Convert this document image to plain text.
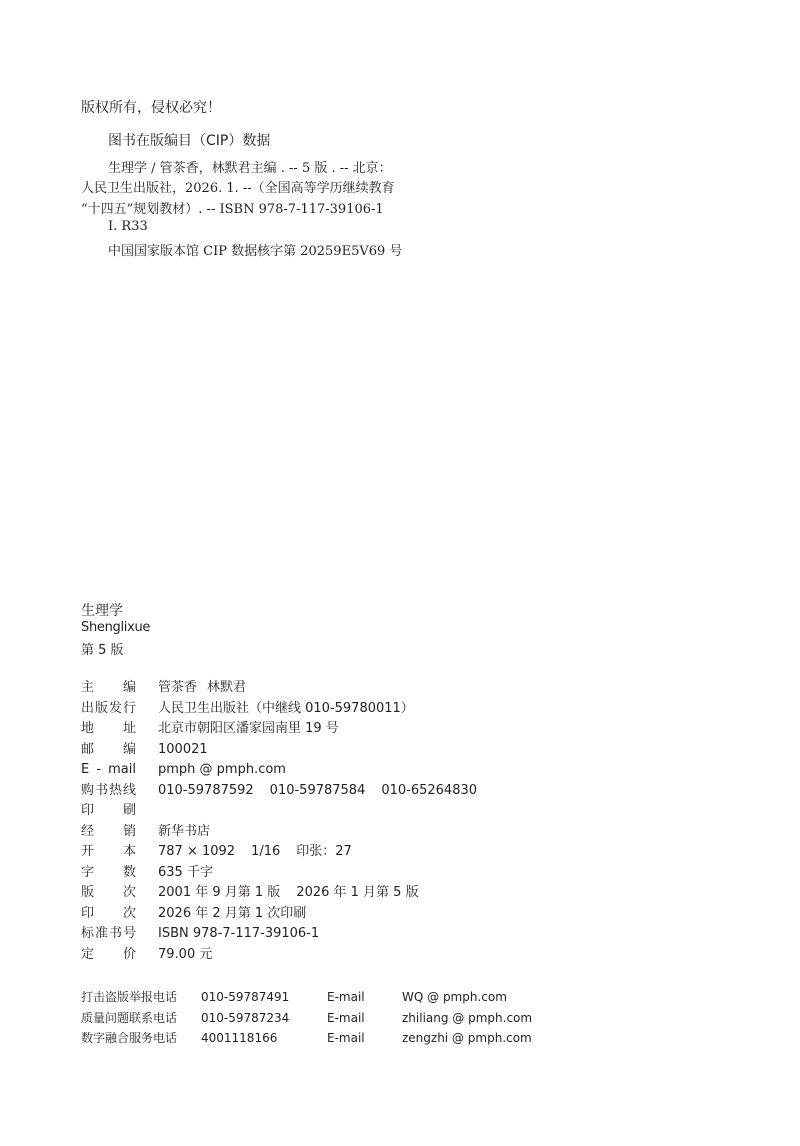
版权所有，侵权必究！
图书在版编目（CIP）数据
生理学 / 管茶香，林默君主编 . -- 5 版 . -- 北京：
人民卫生出版社，2026. 1. --（全国高等学历继续教育
“十四五”规划教材）. -- ISBN 978-7-117-39106-1
Ⅰ. R33
中国国家版本馆 CIP 数据核字第 20259E5V69 号
生理学
Shenglixue
第 5 版
主 编 管茶香 林默君
出 版 发 行 人民卫生出版社（中继线 010-59780011）
地 址 北京市朝阳区潘家园南里 19 号
邮 编 100021
E - mail pmph @ pmph.com
购 书 热 线 010-59787592 010-59787584 010-65264830
印 刷
经 销 新华书店
开 本 787 × 1092 1/16 印张：27
字 数 635 千字
版 次 2001 年 9 月第 1 版 2026 年 1 月第 5 版
印 次 2026 年 2 月第 1 次印刷
标 准 书 号 ISBN 978-7-117-39106-1
定 价 79.00 元
打击盗版举报电话 010-59787491	E-mail	WQ @ pmph.com
质量问题联系电话 010-59787234	E-mail	zhiliang @ pmph.com
数字融合服务电话 4001118166	E-mail	zengzhi @ pmph.com
